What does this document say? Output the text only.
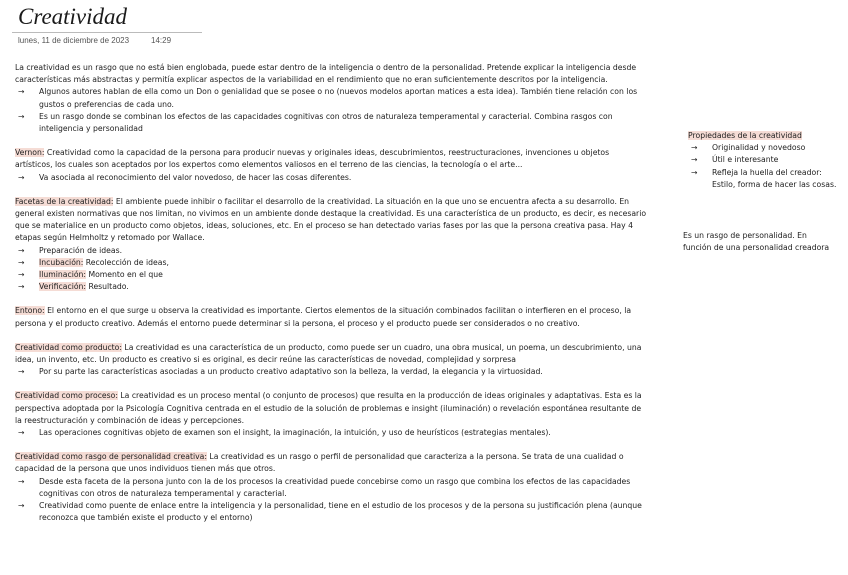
Creatividad
lunes, 11 de diciembre de 2023	14:29

La creatividad es un rasgo que no está bien englobada, puede estar dentro de la inteligencia o dentro de la personalidad. Pretende explicar la inteligencia desde características más abstractas y permitía explicar aspectos de la variabilidad en el rendimiento que no eran suficientemente descritos por la inteligencia.

→	Algunos autores hablan de ella como un Don o genialidad que se posee o no (nuevos modelos aportan matices a esta idea). También tiene relación con los gustos o preferencias de cada uno.
→	Es un rasgo donde se combinan los efectos de las capacidades cognitivas con otros de naturaleza temperamental y caracterial. Combina rasgos con inteligencia y personalidad

Vernon: Creatividad como la capacidad de la persona para producir nuevas y originales ideas, descubrimientos, reestructuraciones, invenciones u objetos artísticos, los cuales son aceptados por los expertos como elementos valiosos en el terreno de las ciencias, la tecnología o el arte...

→	Va asociada al reconocimiento del valor novedoso, de hacer las cosas diferentes.

Facetas de la creatividad: El ambiente puede inhibir o facilitar el desarrollo de la creatividad. La situación en la que uno se encuentra afecta a su desarrollo. En general existen normativas que nos limitan, no vivimos en un ambiente donde destaque la creatividad. Es una característica de un producto, es decir, es necesario que se materialice en un producto como objetos, ideas, soluciones, etc. En el proceso se han detectado varias fases por las que la persona creativa pasa. Hay 4 etapas según Helmholtz y retomado por Wallace.

→	Preparación de ideas.
→	Incubación: Recolección de ideas,
→	Iluminación: Momento en el que
→	Verificación: Resultado.

Entono: El entorno en el que surge u observa la creatividad es importante. Ciertos elementos de la situación combinados facilitan o interfieren en el proceso, la persona y el producto creativo. Además el entorno puede determinar si la persona, el proceso y el producto puede ser considerados o no creativo.

Creatividad como producto: La creatividad es una característica de un producto, como puede ser un cuadro, una obra musical, un poema, un descubrimiento, una idea, un invento, etc. Un producto es creativo si es original, es decir reúne las características de novedad, complejidad y sorpresa

→	Por su parte las características asociadas a un producto creativo adaptativo son la belleza, la verdad, la elegancia y la virtuosidad.

Creatividad como proceso: La creatividad es un proceso mental (o conjunto de procesos) que resulta en la producción de ideas originales y adaptativas. Esta es la perspectiva adoptada por la Psicología Cognitiva centrada en el estudio de la solución de problemas e insight (iluminación) o revelación espontánea resultante de la reestructuración y combinación de ideas y percepciones.

→	Las operaciones cognitivas objeto de examen son el insight, la imaginación, la intuición, y uso de heurísticos (estrategias mentales).

Creatividad como rasgo de personalidad creativa: La creatividad es un rasgo o perfil de personalidad que caracteriza a la persona. Se trata de una cualidad o capacidad de la persona que unos individuos tienen más que otros.

→	Desde esta faceta de la persona junto con la de los procesos la creatividad puede concebirse como un rasgo que combina los efectos de las capacidades cognitivas con otros de naturaleza temperamental y caracterial.
→	Creatividad como puente de enlace entre la inteligencia y la personalidad, tiene en el estudio de los procesos y de la persona su justificación plena (aunque reconozca que también existe el producto y el entorno)

Propiedades de la creatividad

→	Originalidad y novedoso
→	Útil e interesante
→	Refleja la huella del creador: Estilo, forma de hacer las cosas.
Es un rasgo de personalidad. En función de una personalidad creadora
